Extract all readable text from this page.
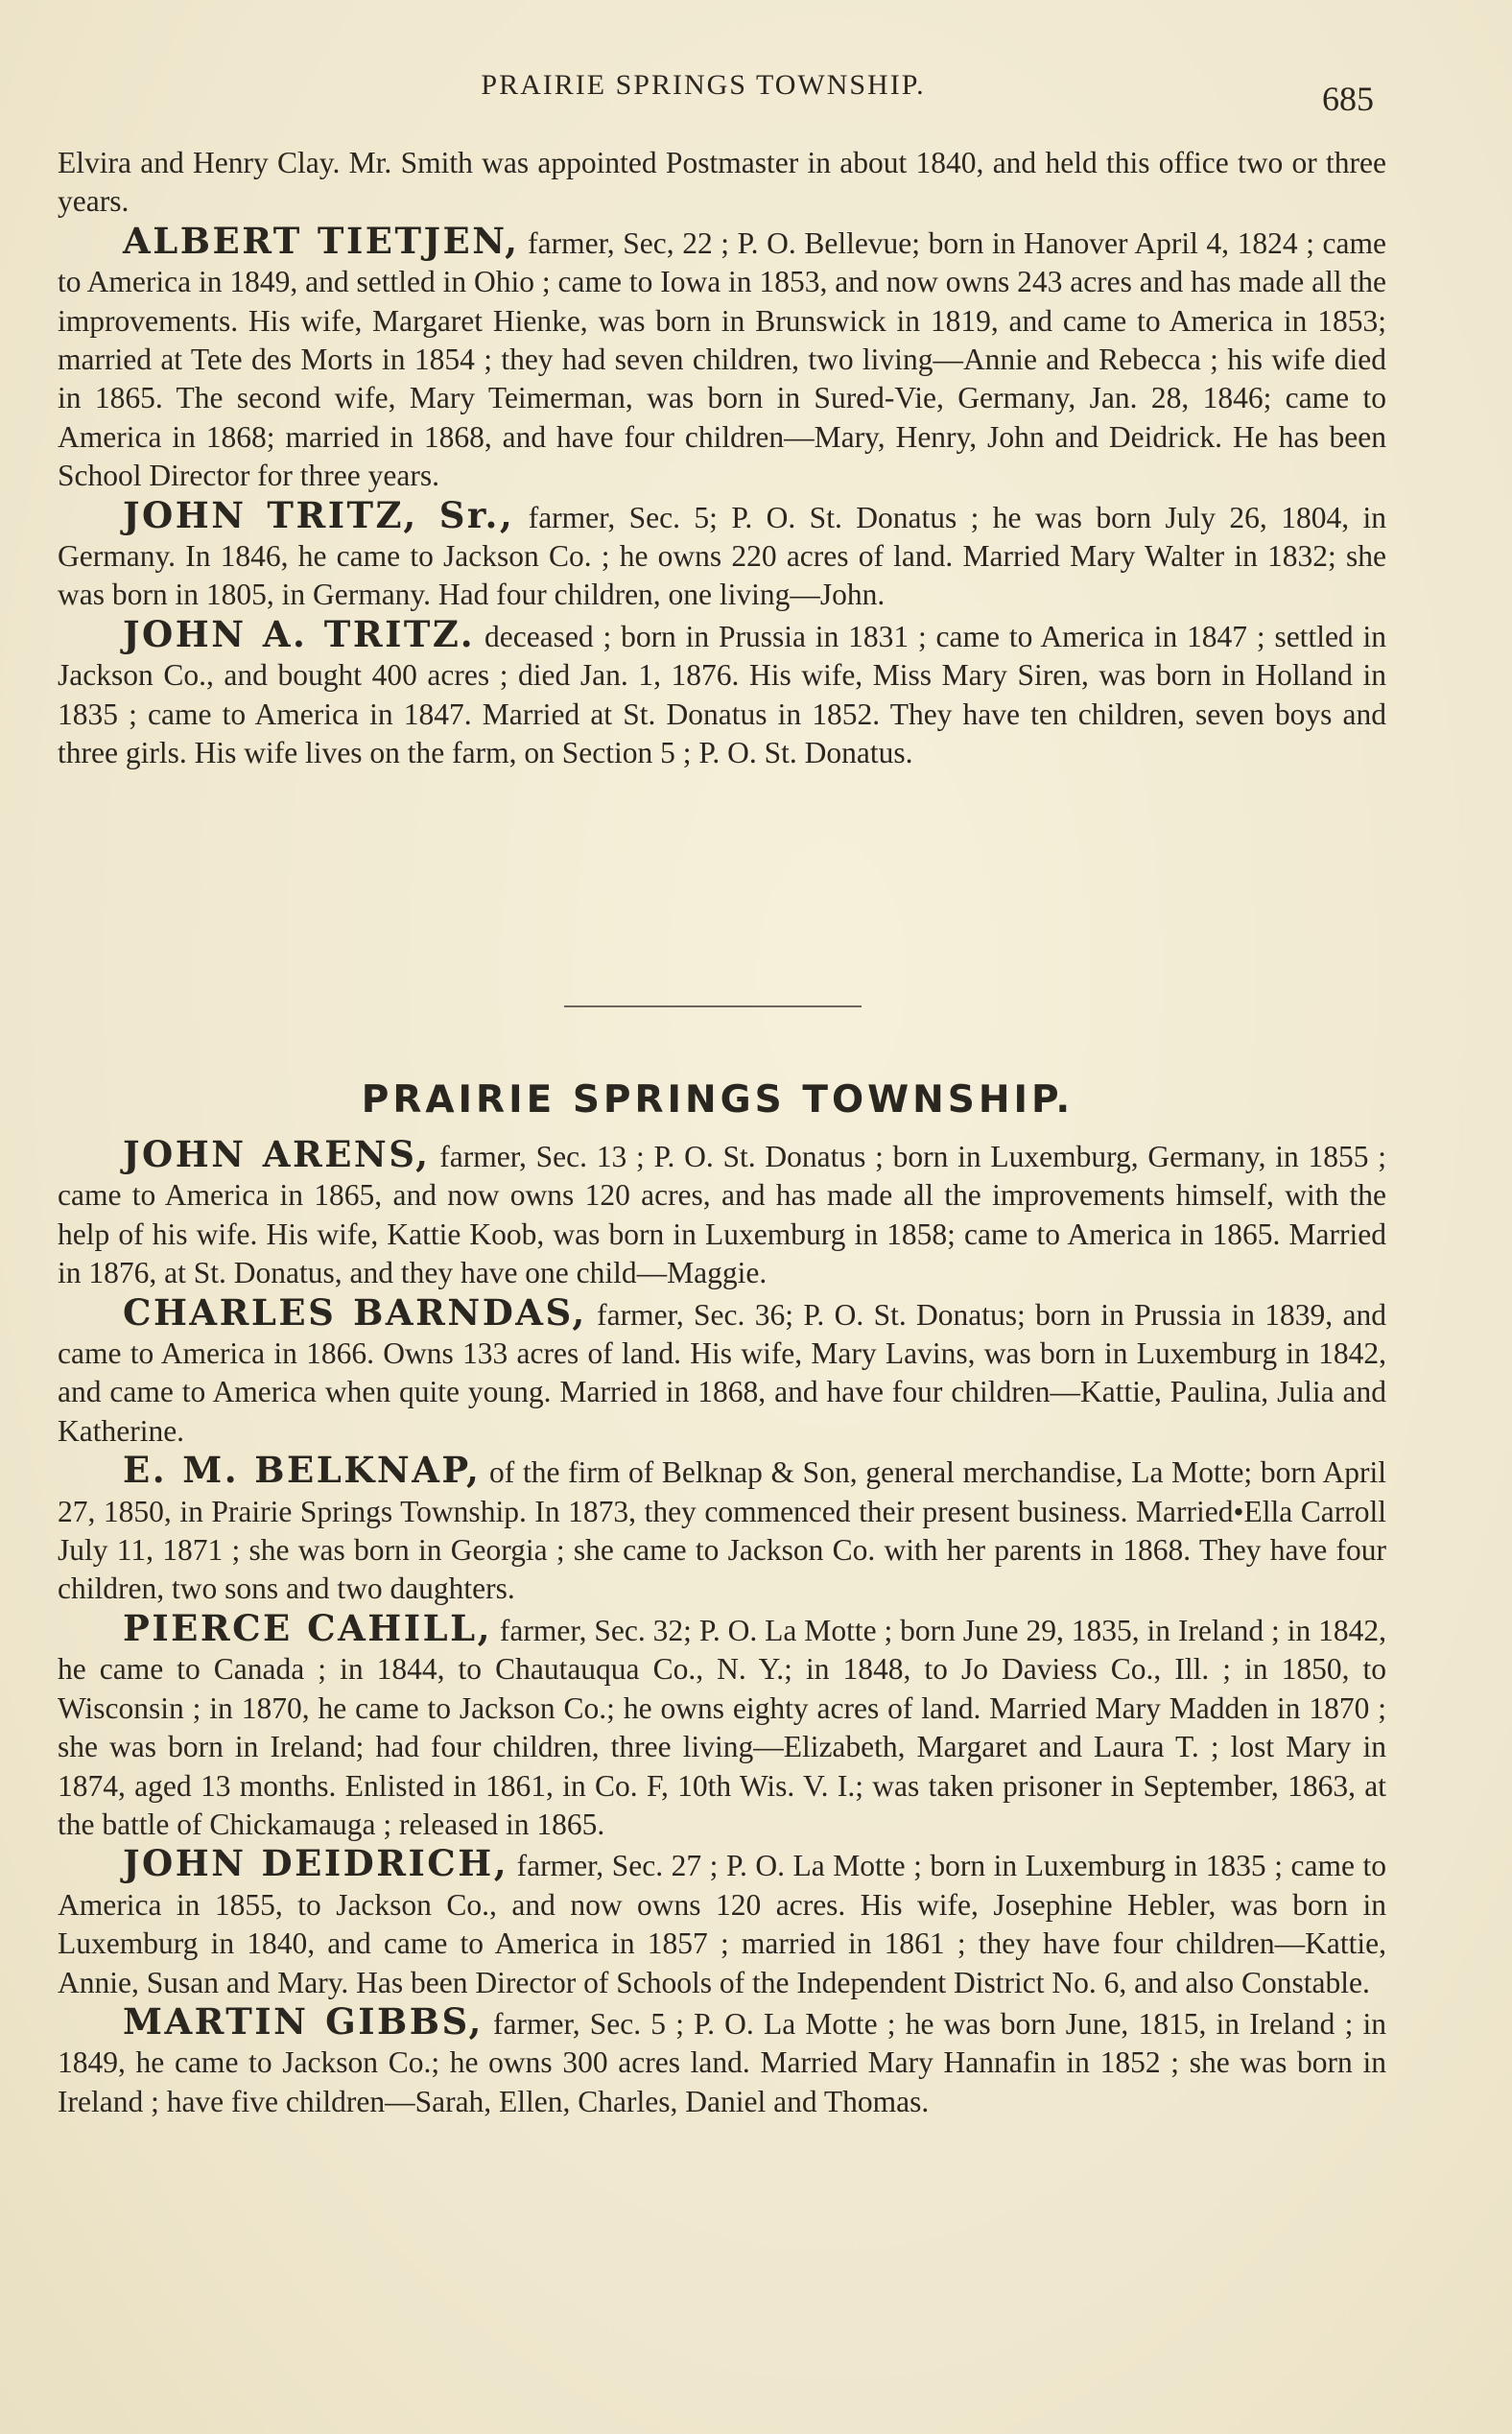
PRAIRIE SPRINGS TOWNSHIP.	685

Elvira and Henry Clay. Mr. Smith was appointed Postmaster in about 1840, and held this office two or three years.

ALBERT TIETJEN, farmer, Sec, 22 ; P. O. Bellevue; born in Hanover April 4, 1824 ; came to America in 1849, and settled in Ohio ; came to Iowa in 1853, and now owns 243 acres and has made all the improvements. His wife, Margaret Hienke, was born in Brunswick in 1819, and came to America in 1853; married at Tete des Morts in 1854 ; they had seven children, two living—Annie and Rebecca ; his wife died in 1865. The second wife, Mary Teimerman, was born in Sured-Vie, Germany, Jan. 28, 1846; came to America in 1868; married in 1868, and have four children—Mary, Henry, John and Deidrick. He has been School Director for three years.

JOHN TRITZ, Sr., farmer, Sec. 5; P. O. St. Donatus ; he was born July 26, 1804, in Germany. In 1846, he came to Jackson Co. ; he owns 220 acres of land. Married Mary Walter in 1832; she was born in 1805, in Germany. Had four children, one living—John.

JOHN A. TRITZ. deceased ; born in Prussia in 1831 ; came to America in 1847 ; settled in Jackson Co., and bought 400 acres ; died Jan. 1, 1876. His wife, Miss Mary Siren, was born in Holland in 1835 ; came to America in 1847. Married at St. Donatus in 1852. They have ten children, seven boys and three girls. His wife lives on the farm, on Section 5 ; P. O. St. Donatus.

PRAIRIE SPRINGS TOWNSHIP.

JOHN ARENS, farmer, Sec. 13 ; P. O. St. Donatus ; born in Luxemburg, Germany, in 1855 ; came to America in 1865, and now owns 120 acres, and has made all the improvements himself, with the help of his wife. His wife, Kattie Koob, was born in Luxemburg in 1858; came to America in 1865. Married in 1876, at St. Donatus, and they have one child—Maggie.

CHARLES BARNDAS, farmer, Sec. 36; P. O. St. Donatus; born in Prussia in 1839, and came to America in 1866. Owns 133 acres of land. His wife, Mary Lavins, was born in Luxemburg in 1842, and came to America when quite young. Married in 1868, and have four children—Kattie, Paulina, Julia and Katherine.

E. M. BELKNAP, of the firm of Belknap & Son, general merchandise, La Motte; born April 27, 1850, in Prairie Springs Township. In 1873, they commenced their present business. Married•Ella Carroll July 11, 1871 ; she was born in Georgia ; she came to Jackson Co. with her parents in 1868. They have four children, two sons and two daughters.

PIERCE CAHILL, farmer, Sec. 32; P. O. La Motte ; born June 29, 1835, in Ireland ; in 1842, he came to Canada ; in 1844, to Chautauqua Co., N. Y.; in 1848, to Jo Daviess Co., Ill. ; in 1850, to Wisconsin ; in 1870, he came to Jackson Co.; he owns eighty acres of land. Married Mary Madden in 1870 ; she was born in Ireland; had four children, three living—Elizabeth, Margaret and Laura T. ; lost Mary in 1874, aged 13 months. Enlisted in 1861, in Co. F, 10th Wis. V. I.; was taken prisoner in September, 1863, at the battle of Chickamauga ; released in 1865.

JOHN DEIDRICH, farmer, Sec. 27 ; P. O. La Motte ; born in Luxemburg in 1835 ; came to America in 1855, to Jackson Co., and now owns 120 acres. His wife, Josephine Hebler, was born in Luxemburg in 1840, and came to America in 1857 ; married in 1861 ; they have four children—Kattie, Annie, Susan and Mary. Has been Director of Schools of the Independent District No. 6, and also Constable.

MARTIN GIBBS, farmer, Sec. 5 ; P. O. La Motte ; he was born June, 1815, in Ireland ; in 1849, he came to Jackson Co.; he owns 300 acres land. Married Mary Hannafin in 1852 ; she was born in Ireland ; have five children—Sarah, Ellen, Charles, Daniel and Thomas.
